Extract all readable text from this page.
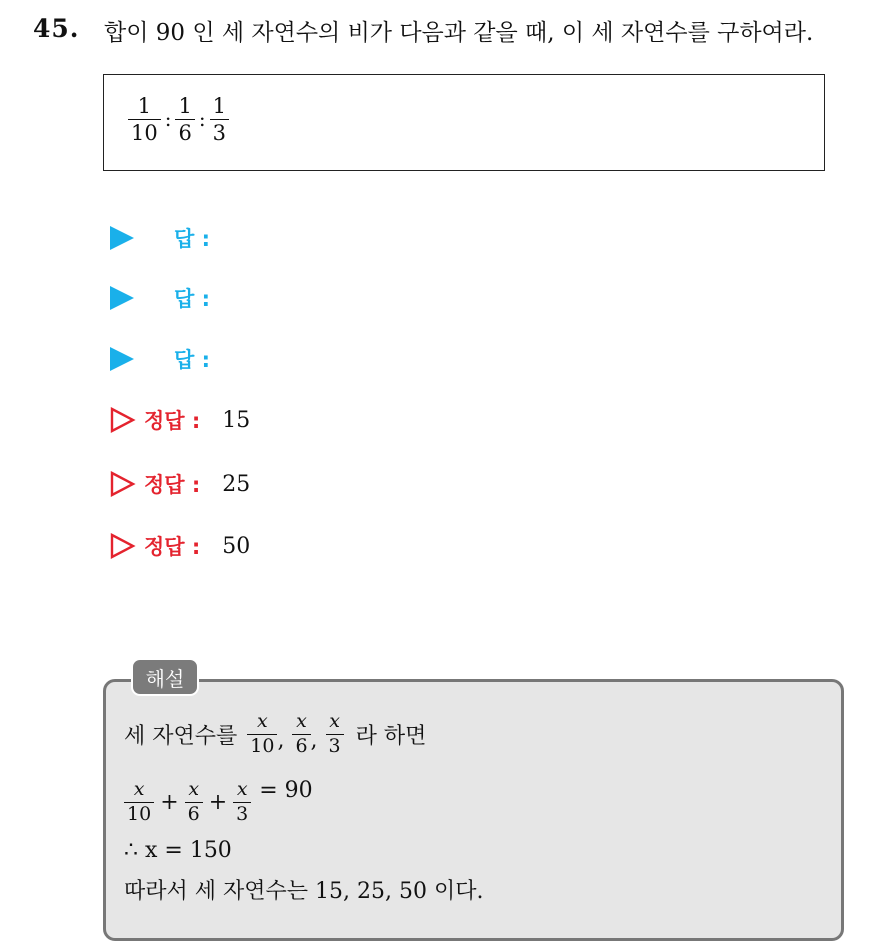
45. 합이 90 인 세 자연수의 비가 다음과 같을 때, 이 세 자연수를 구하여라.
$\frac{1}{10}$ : $\frac{1}{6}$ : $\frac{1}{3}$
답 :
답 :
답 :
정답 : 15
정답 : 25
정답 : 50
해설
세 자연수를 $\frac{x}{10}$ , $\frac{x}{6}$ , $\frac{x}{3}$ 라 하면
$\frac{x}{10} + \frac{x}{6} + \frac{x}{3} = 90$
∴ x = 150
따라서 세 자연수는 15, 25, 50 이다.
